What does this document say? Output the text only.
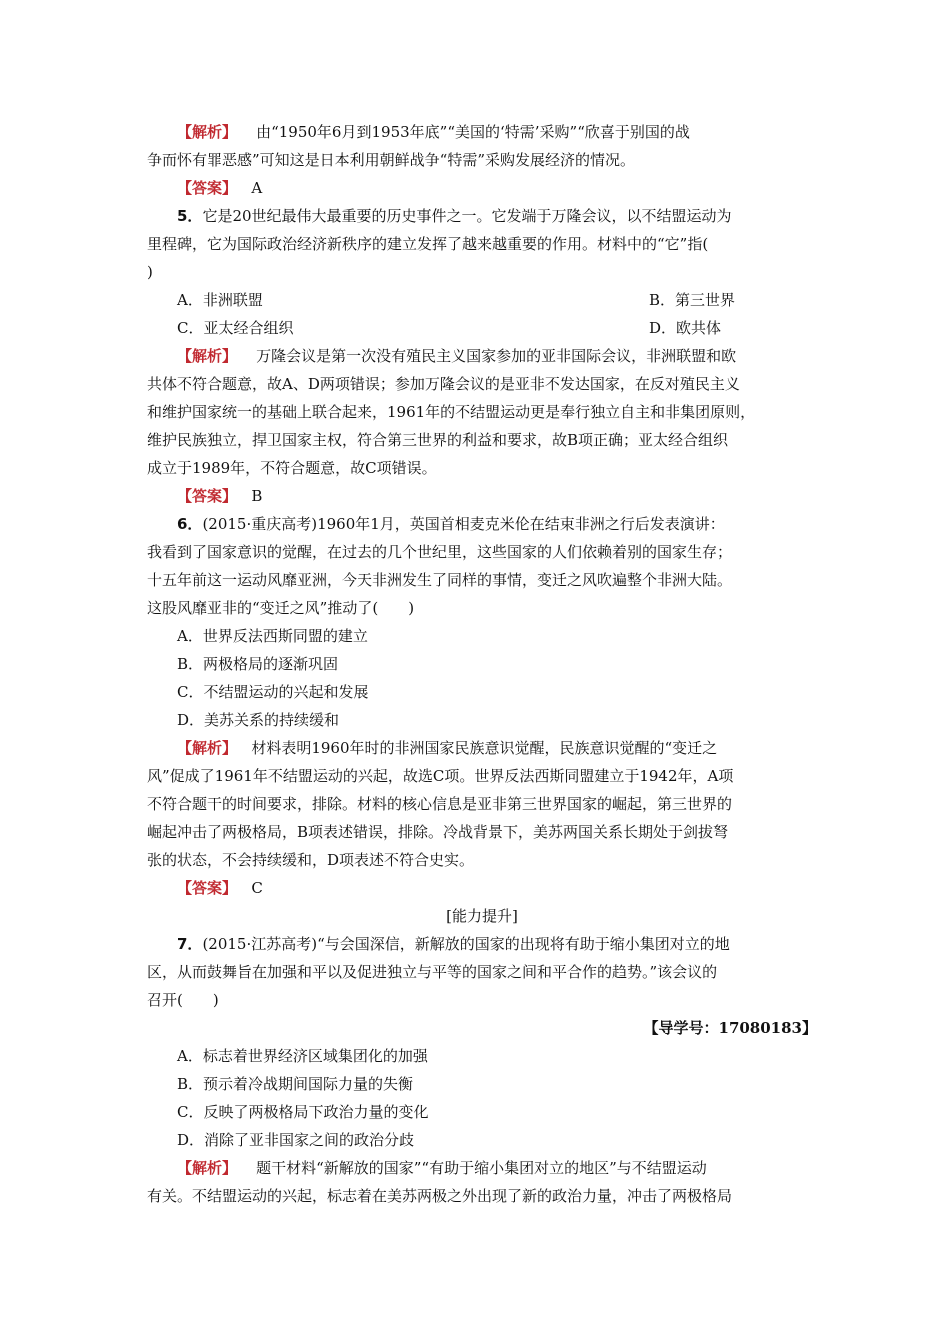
【解析】 由“1950年6月到1953年底”“美国的‘特需’采购”“欣喜于别国的战
争而怀有罪恶感”可知这是日本利用朝鲜战争“特需”采购发展经济的情况。
【答案】 A
5．它是20世纪最伟大最重要的历史事件之一。它发端于万隆会议，以不结盟运动为
里程碑，它为国际政治经济新秩序的建立发挥了越来越重要的作用。材料中的“它”指(
)
A．非洲联盟	B．第三世界
C．亚太经合组织	D．欧共体
【解析】 万隆会议是第一次没有殖民主义国家参加的亚非国际会议，非洲联盟和欧
共体不符合题意，故A、D两项错误；参加万隆会议的是亚非不发达国家，在反对殖民主义
和维护国家统一的基础上联合起来，1961年的不结盟运动更是奉行独立自主和非集团原则，
维护民族独立，捍卫国家主权，符合第三世界的利益和要求，故B项正确；亚太经合组织
成立于1989年，不符合题意，故C项错误。
【答案】 B
6．(2015·重庆高考)1960年1月，英国首相麦克米伦在结束非洲之行后发表演讲：
我看到了国家意识的觉醒，在过去的几个世纪里，这些国家的人们依赖着别的国家生存；
十五年前这一运动风靡亚洲，今天非洲发生了同样的事情，变迁之风吹遍整个非洲大陆。
这股风靡亚非的“变迁之风”推动了(　　)
A．世界反法西斯同盟的建立
B．两极格局的逐渐巩固
C．不结盟运动的兴起和发展
D．美苏关系的持续缓和
【解析】 材料表明1960年时的非洲国家民族意识觉醒，民族意识觉醒的“变迁之
风”促成了1961年不结盟运动的兴起，故选C项。世界反法西斯同盟建立于1942年，A项
不符合题干的时间要求，排除。材料的核心信息是亚非第三世界国家的崛起，第三世界的
崛起冲击了两极格局，B项表述错误，排除。冷战背景下，美苏两国关系长期处于剑拔弩
张的状态，不会持续缓和，D项表述不符合史实。
【答案】 C
[能力提升]
7．(2015·江苏高考)“与会国深信，新解放的国家的出现将有助于缩小集团对立的地
区，从而鼓舞旨在加强和平以及促进独立与平等的国家之间和平合作的趋势。”该会议的
召开(　　)
【导学号：17080183】
A．标志着世界经济区域集团化的加强
B．预示着冷战期间国际力量的失衡
C．反映了两极格局下政治力量的变化
D．消除了亚非国家之间的政治分歧
【解析】 题干材料“新解放的国家”“有助于缩小集团对立的地区”与不结盟运动
有关。不结盟运动的兴起，标志着在美苏两极之外出现了新的政治力量，冲击了两极格局
